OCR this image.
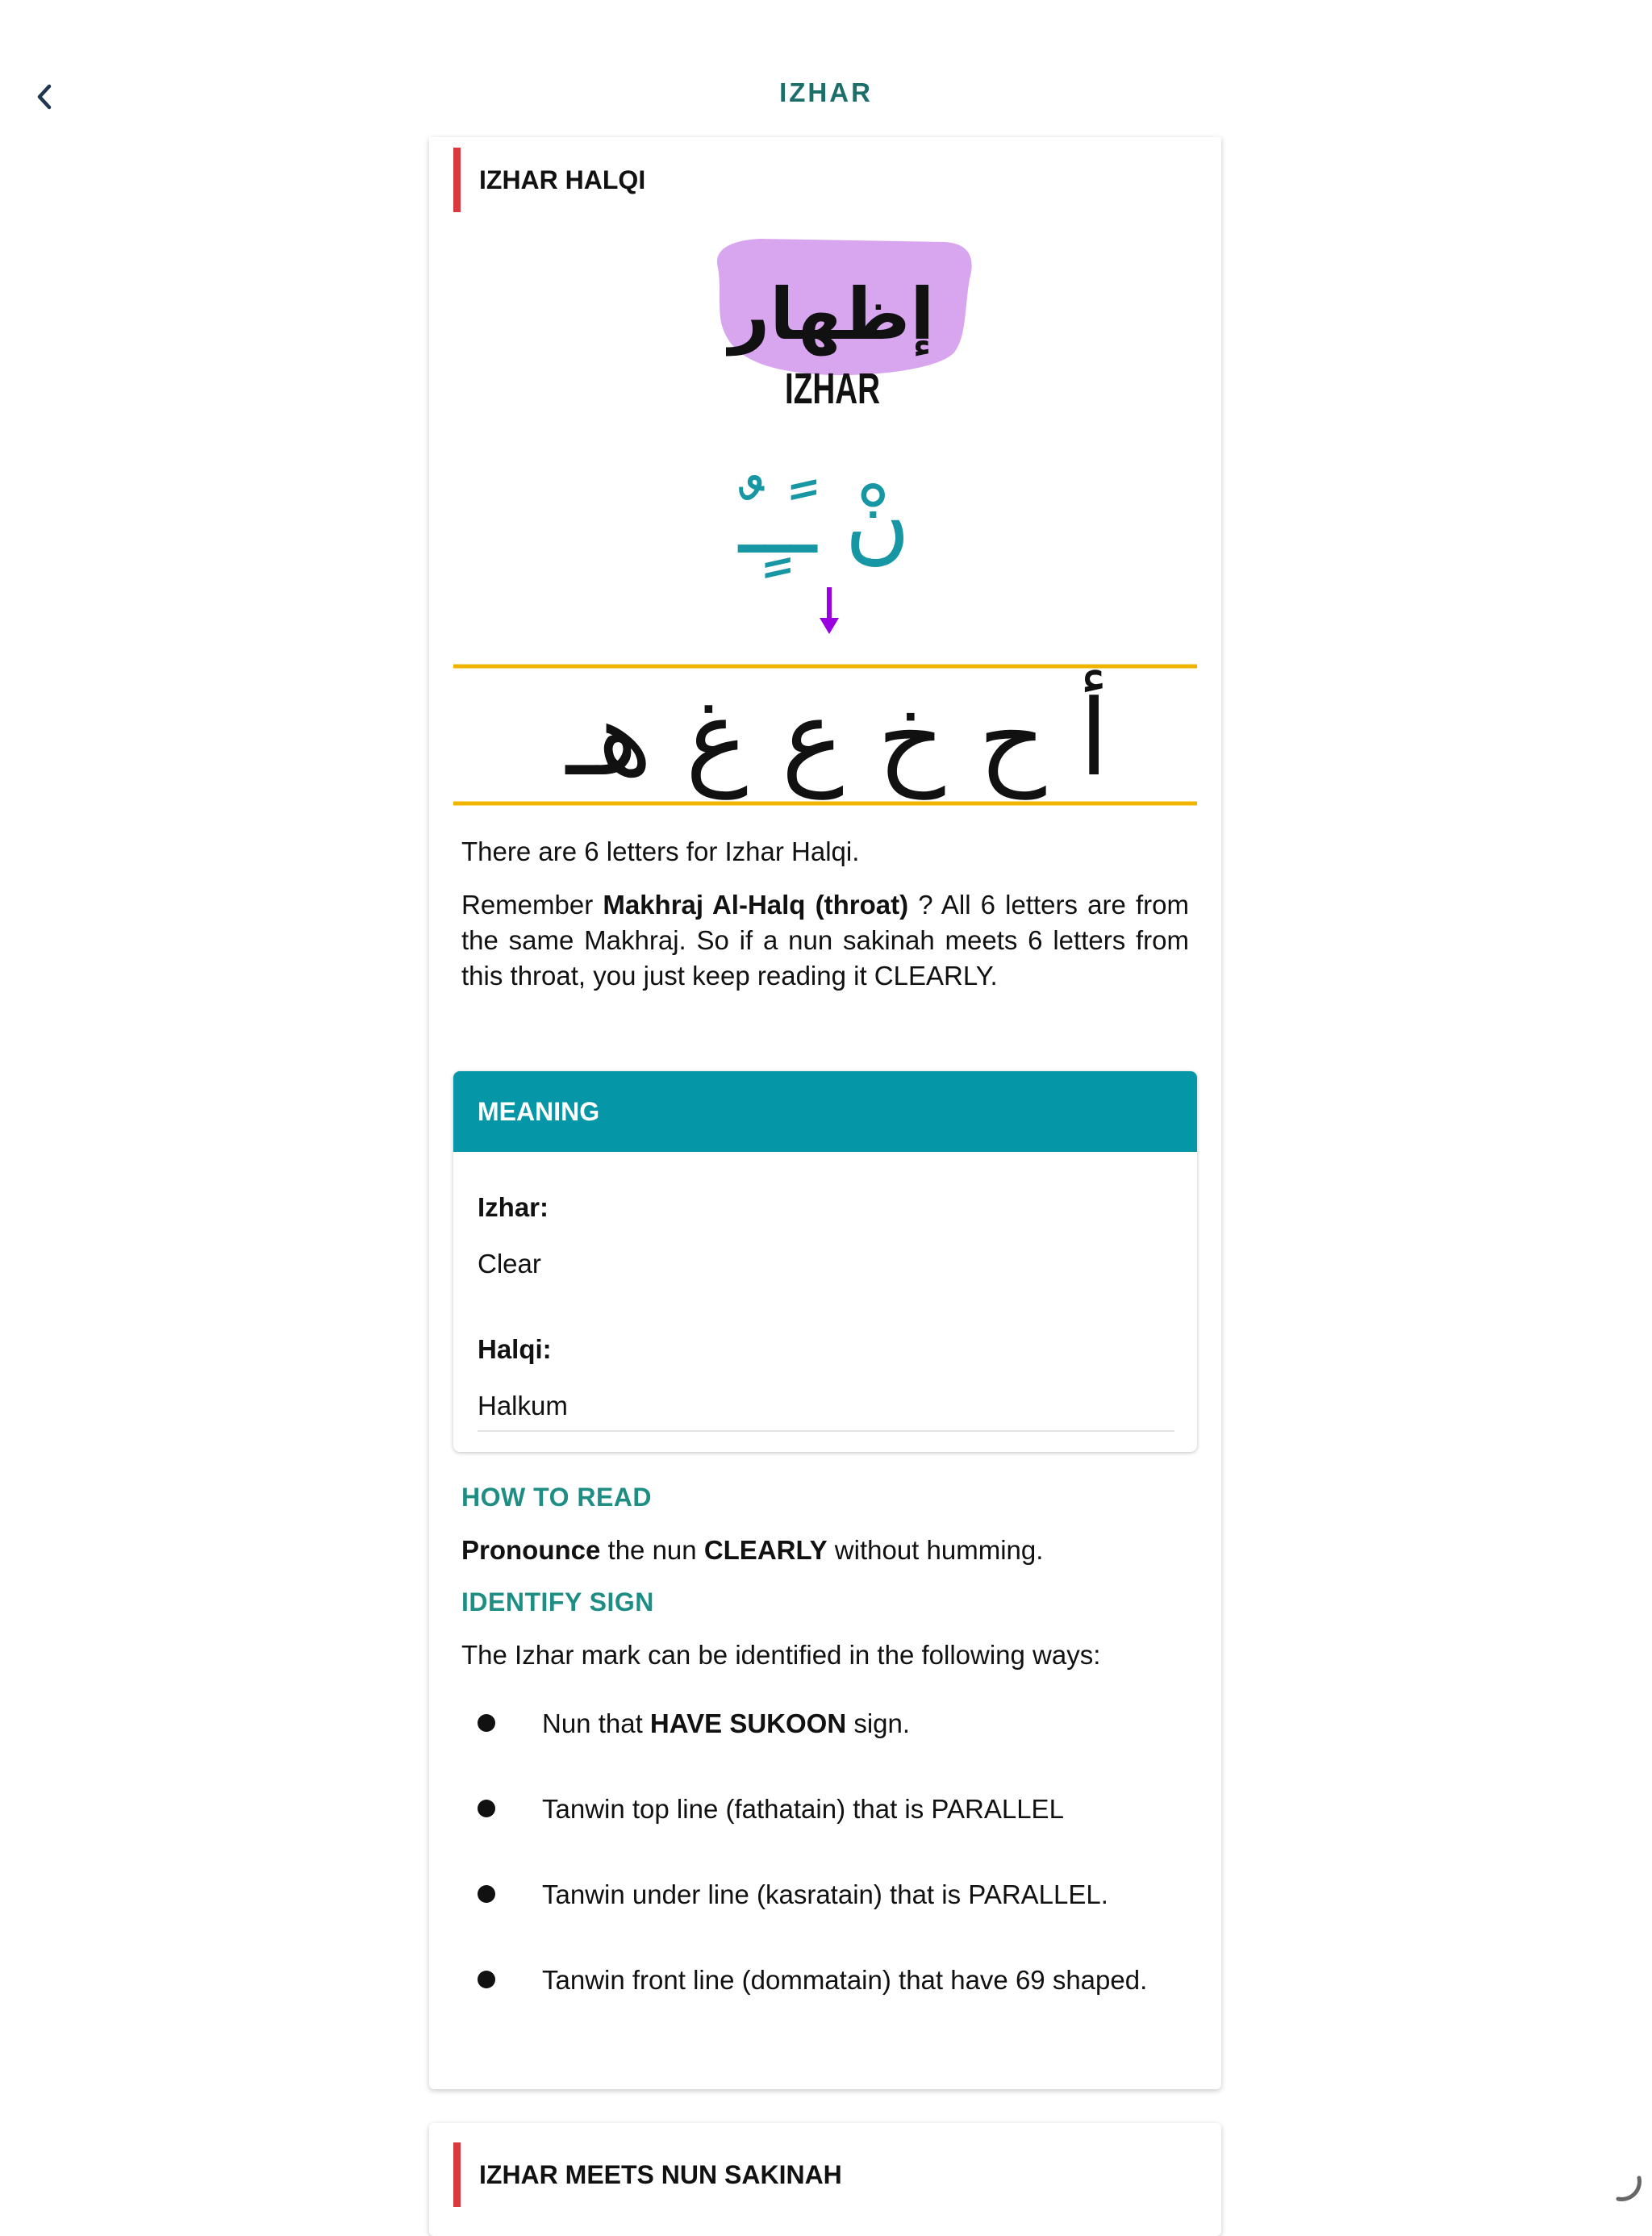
IZHAR
IZHAR HALQI
إظهار
IZHAR
نْ ـًـٍـٌ
أ ح خ ع غ هـ
There are 6 letters for Izhar Halqi.
Remember Makhraj Al-Halq (throat) ? All 6 letters are from the same Makhraj. So if a nun sakinah meets 6 letters from this throat, you just keep reading it CLEARLY.
MEANING
Izhar:
Clear
Halqi:
Halkum
HOW TO READ
Pronounce the nun CLEARLY without humming.
IDENTIFY SIGN
The Izhar mark can be identified in the following ways:
Nun that HAVE SUKOON sign.
Tanwin top line (fathatain) that is PARALLEL
Tanwin under line (kasratain) that is PARALLEL.
Tanwin front line (dommatain) that have 69 shaped.
IZHAR MEETS NUN SAKINAH
